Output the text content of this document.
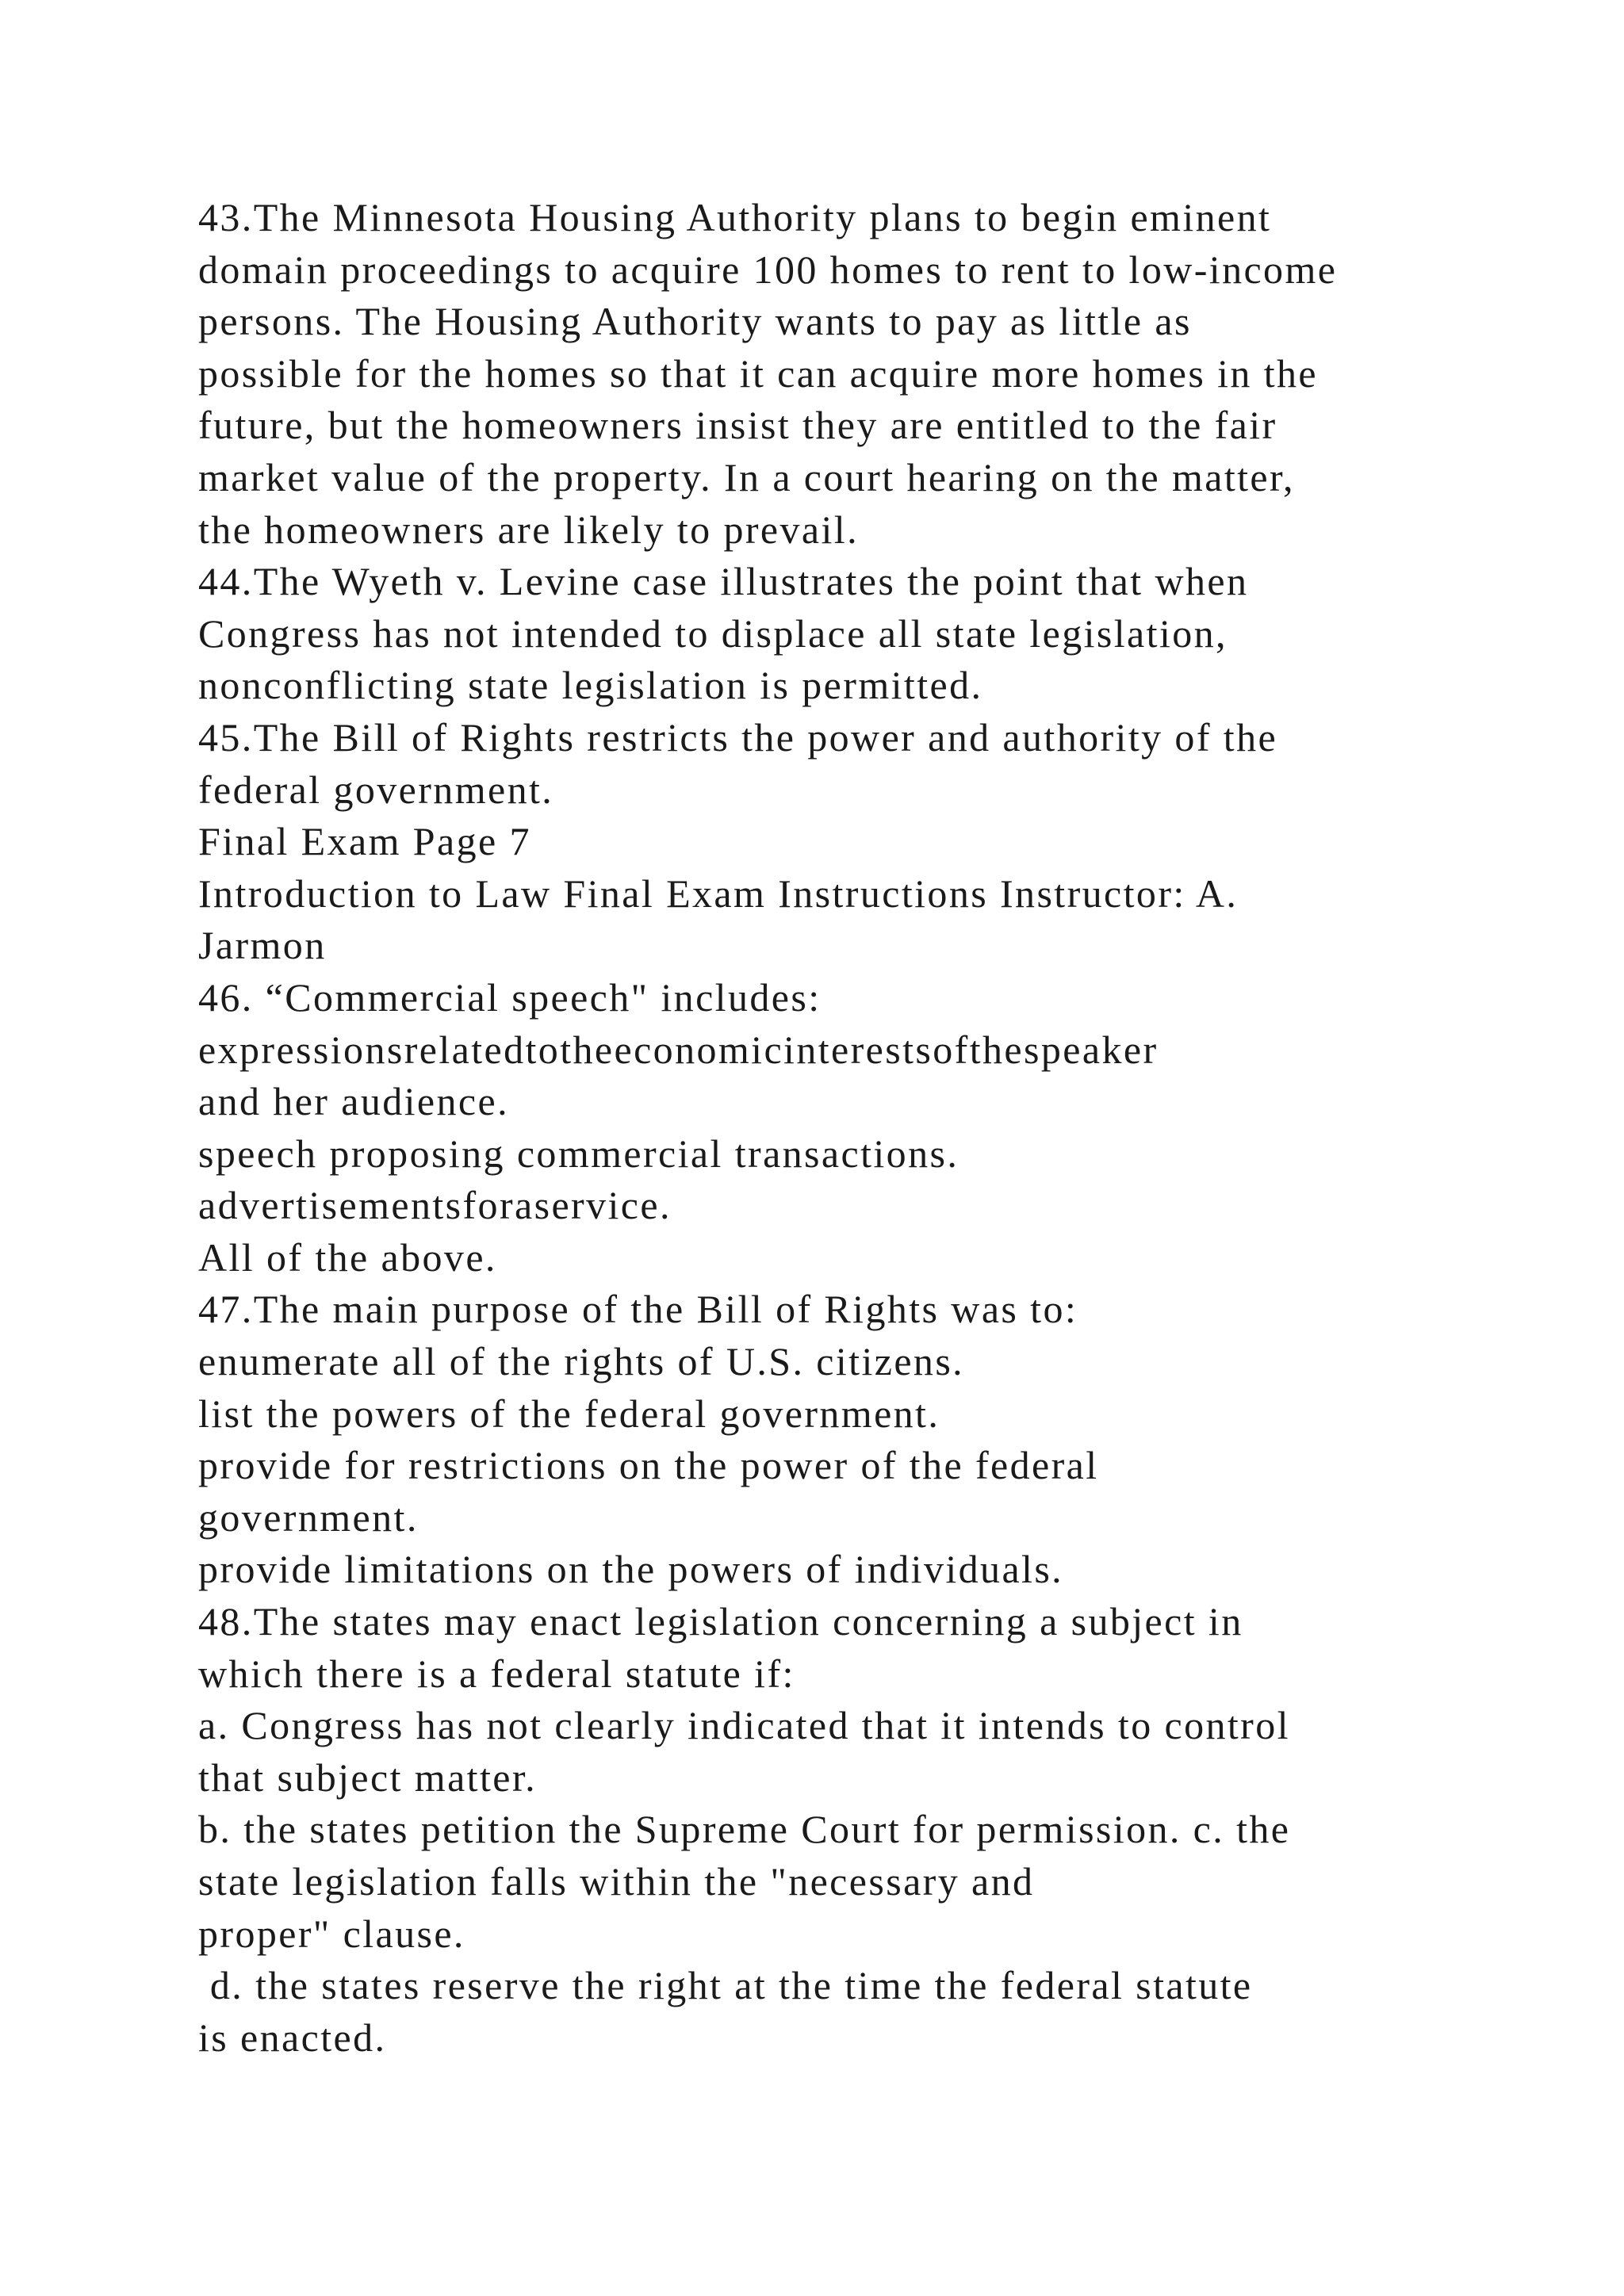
43.The Minnesota Housing Authority plans to begin eminent
domain proceedings to acquire 100 homes to rent to low-income
persons. The Housing Authority wants to pay as little as
possible for the homes so that it can acquire more homes in the
future, but the homeowners insist they are entitled to the fair
market value of the property. In a court hearing on the matter,
the homeowners are likely to prevail.
44.The Wyeth v. Levine case illustrates the point that when
Congress has not intended to displace all state legislation,
nonconflicting state legislation is permitted.
45.The Bill of Rights restricts the power and authority of the
federal government.
Final Exam Page 7
Introduction to Law Final Exam Instructions Instructor: A.
Jarmon
46. “Commercial speech" includes:
expressionsrelatedtotheeconomicinterestsofthespeaker
and her audience.
speech proposing commercial transactions.
advertisementsforaservice.
All of the above.
47.The main purpose of the Bill of Rights was to:
enumerate all of the rights of U.S. citizens.
list the powers of the federal government.
provide for restrictions on the power of the federal
government.
provide limitations on the powers of individuals.
48.The states may enact legislation concerning a subject in
which there is a federal statute if:
a. Congress has not clearly indicated that it intends to control
that subject matter.
b. the states petition the Supreme Court for permission. c. the
state legislation falls within the "necessary and
proper" clause.
d. the states reserve the right at the time the federal statute
is enacted.
